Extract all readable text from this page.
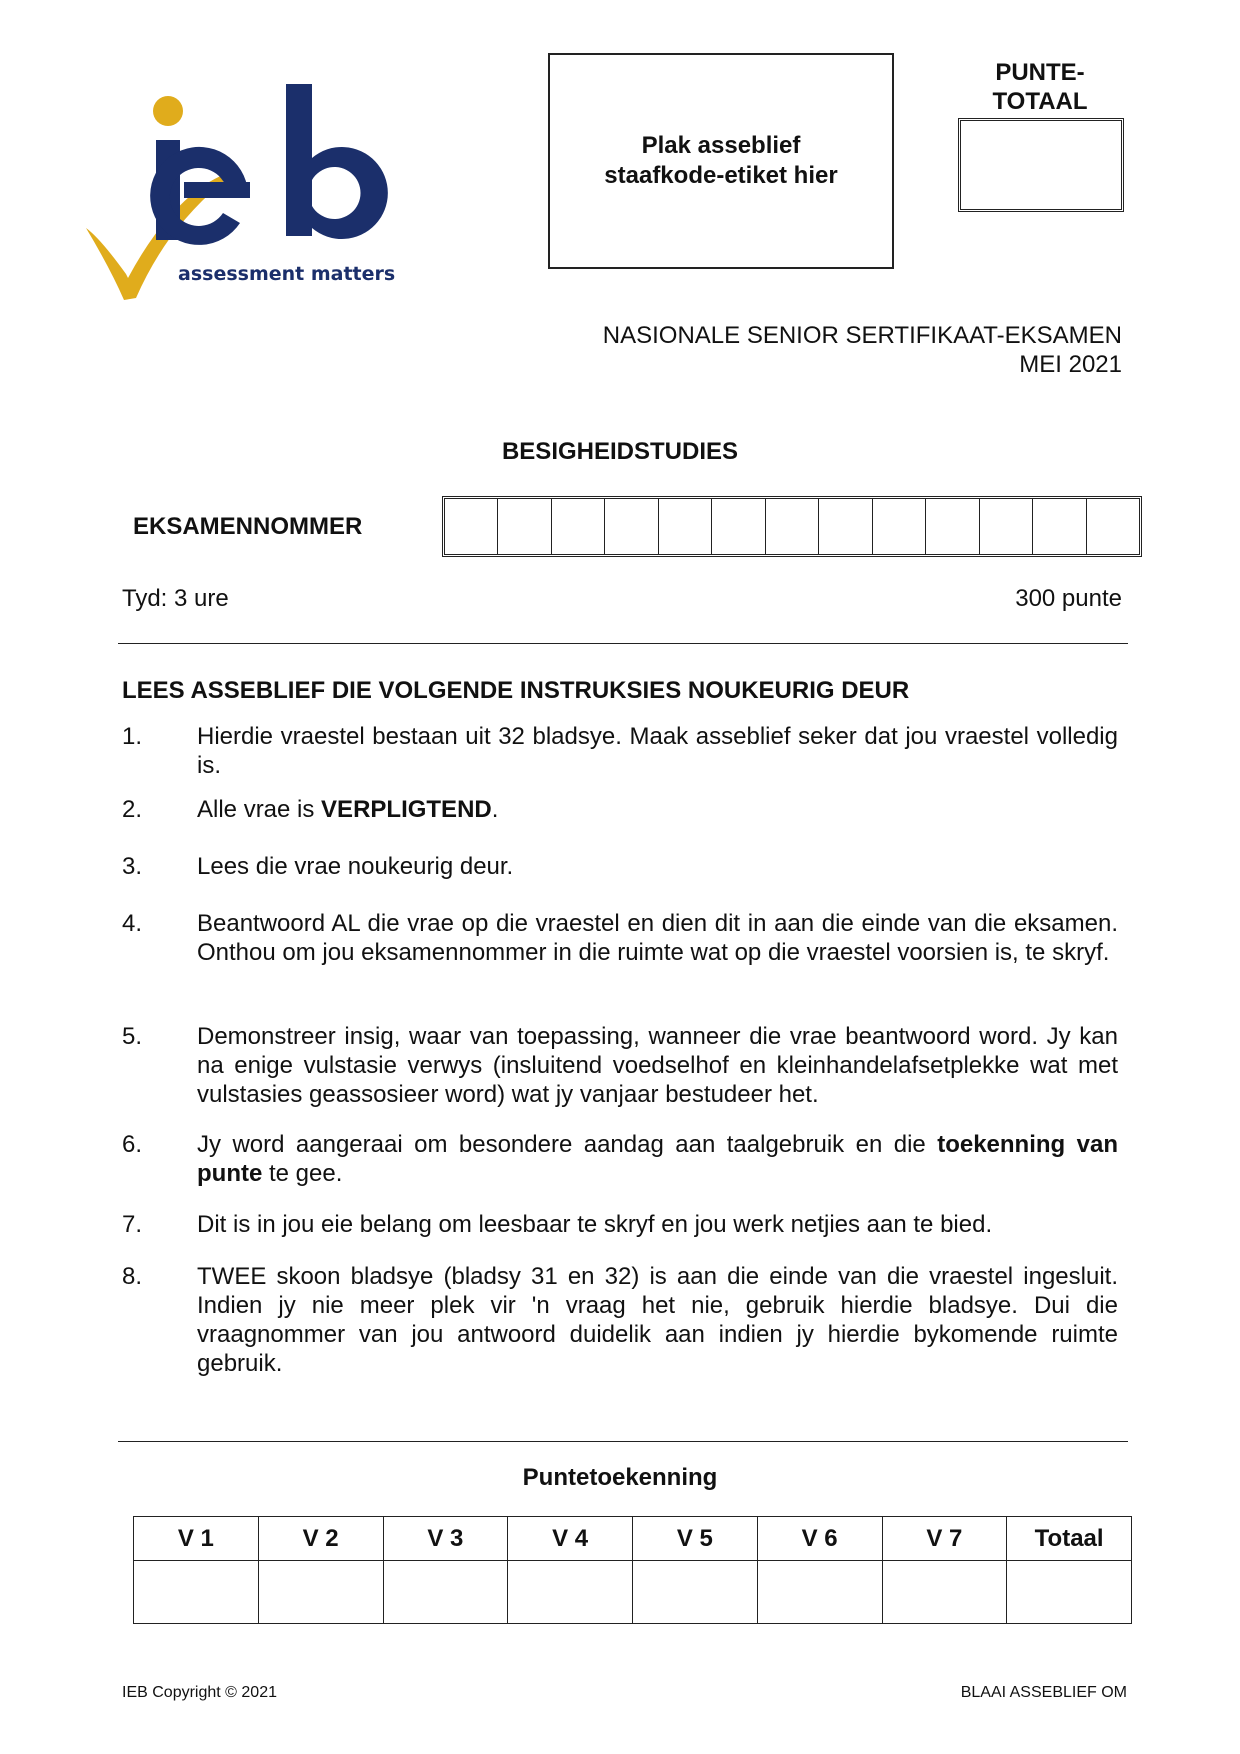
assessment matters
Plak asseblief staafkode-etiket hier
PUNTE-
TOTAAL
NASIONALE SENIOR SERTIFIKAAT-EKSAMEN
MEI 2021
BESIGHEIDSTUDIES
EKSAMENNOMMER
Tyd: 3 ure	300 punte
LEES ASSEBLIEF DIE VOLGENDE INSTRUKSIES NOUKEURIG DEUR
1. Hierdie vraestel bestaan uit 32 bladsye. Maak asseblief seker dat jou vraestel volledig is.
2. Alle vrae is VERPLIGTEND.
3. Lees die vrae noukeurig deur.
4. Beantwoord AL die vrae op die vraestel en dien dit in aan die einde van die eksamen. Onthou om jou eksamennommer in die ruimte wat op die vraestel voorsien is, te skryf.
5. Demonstreer insig, waar van toepassing, wanneer die vrae beantwoord word. Jy kan na enige vulstasie verwys (insluitend voedselhof en kleinhandelafsetplekke wat met vulstasies geassosieer word) wat jy vanjaar bestudeer het.
6. Jy word aangeraai om besondere aandag aan taalgebruik en die toekenning van punte te gee.
7. Dit is in jou eie belang om leesbaar te skryf en jou werk netjies aan te bied.
8. TWEE skoon bladsye (bladsy 31 en 32) is aan die einde van die vraestel ingesluit. Indien jy nie meer plek vir 'n vraag het nie, gebruik hierdie bladsye. Dui die vraagnommer van jou antwoord duidelik aan indien jy hierdie bykomende ruimte gebruik.
Puntetoekenning
V 1	V 2	V 3	V 4	V 5	V 6	V 7	Totaal

IEB Copyright © 2021	BLAAI ASSEBLIEF OM
